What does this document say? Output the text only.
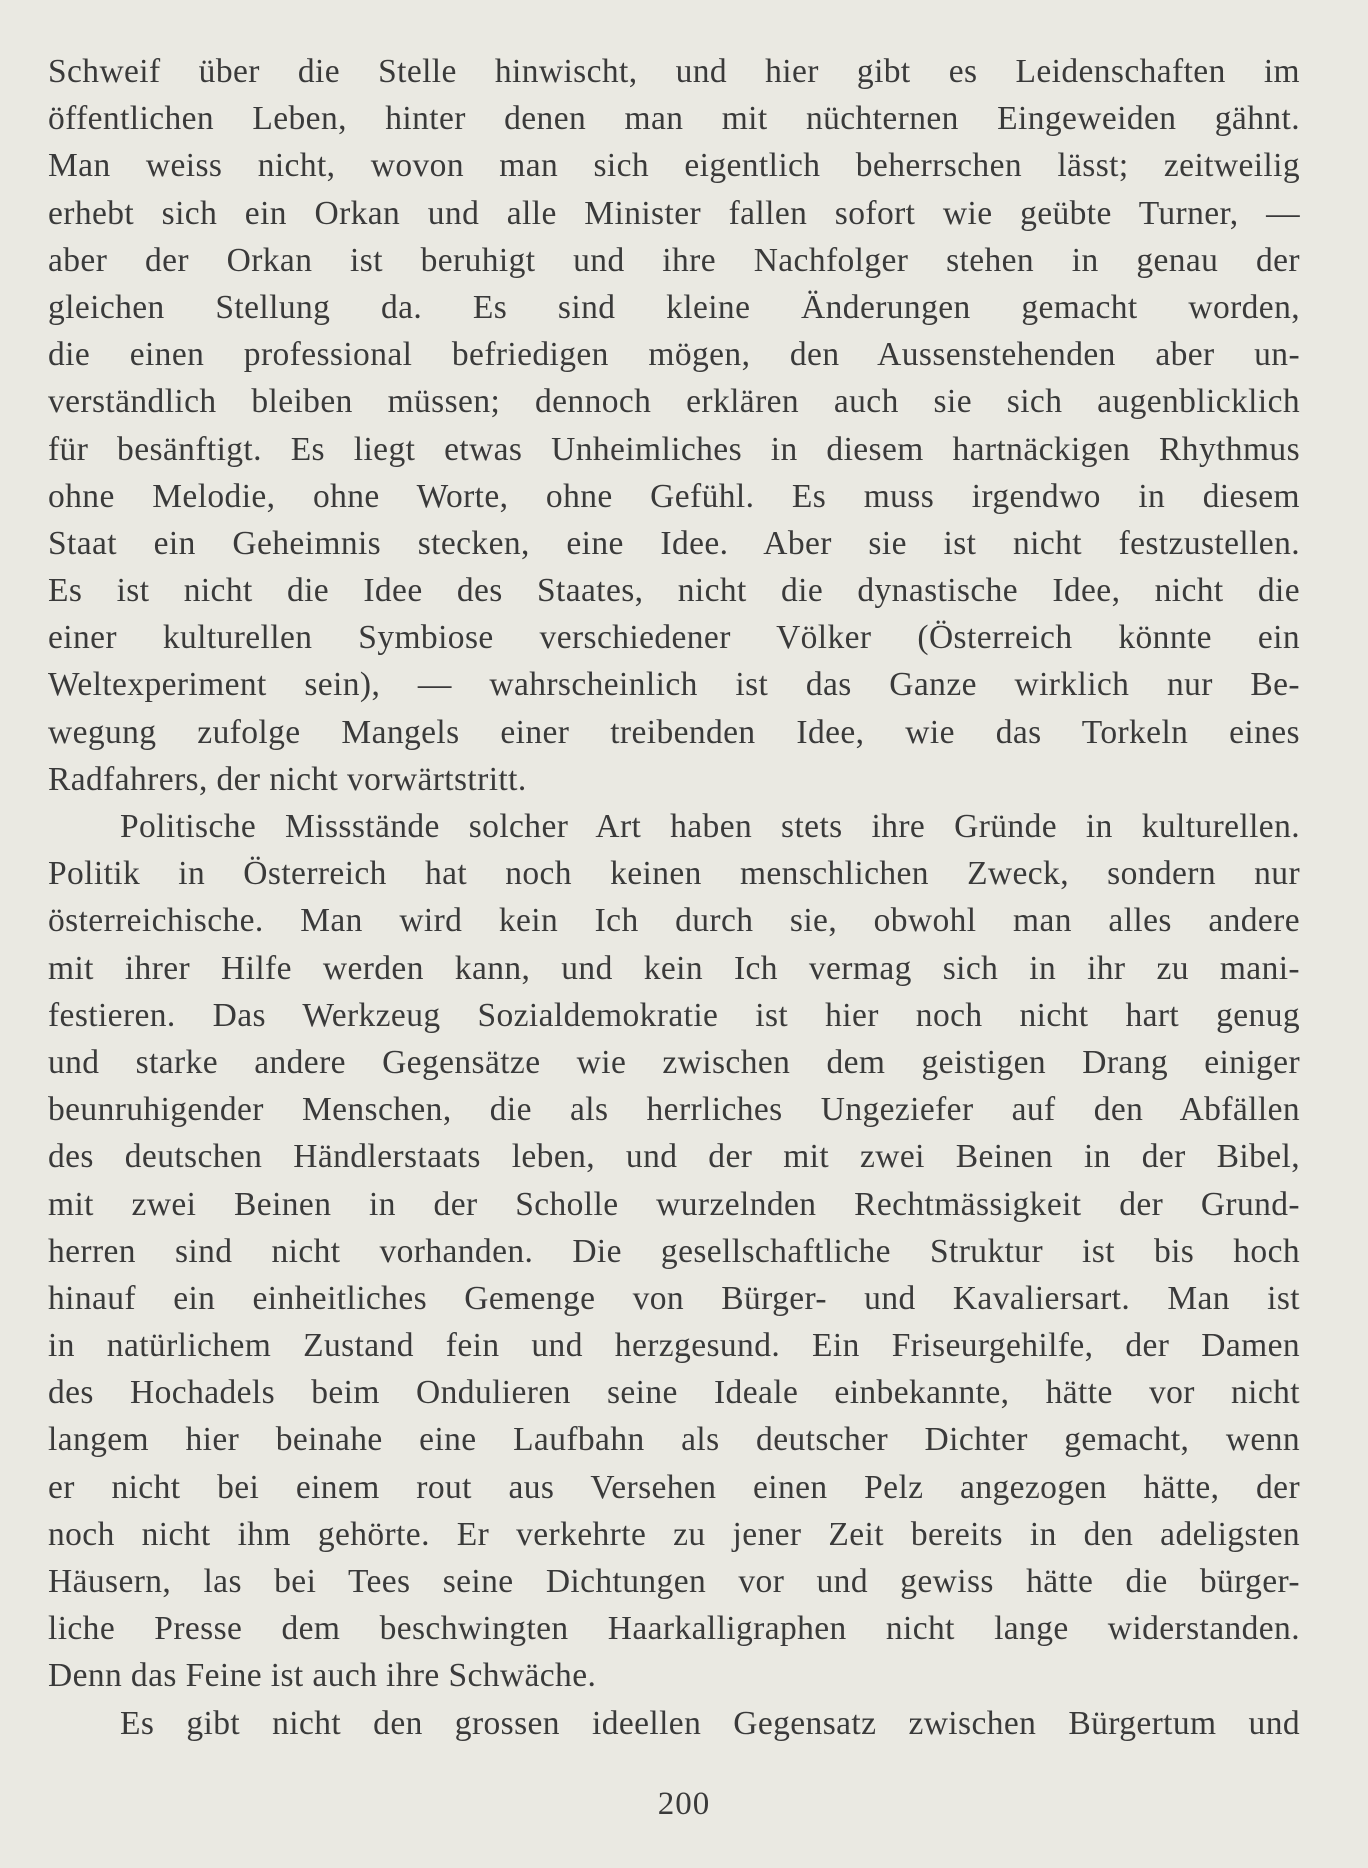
Schweif über die Stelle hinwischt, und hier gibt es Leidenschaften im
öffentlichen Leben, hinter denen man mit nüchternen Eingeweiden gähnt.
Man weiss nicht, wovon man sich eigentlich beherrschen lässt; zeitweilig
erhebt sich ein Orkan und alle Minister fallen sofort wie geübte Turner, —
aber der Orkan ist beruhigt und ihre Nachfolger stehen in genau der
gleichen Stellung da. Es sind kleine Änderungen gemacht worden,
die einen professional befriedigen mögen, den Aussenstehenden aber un-
verständlich bleiben müssen; dennoch erklären auch sie sich augenblicklich
für besänftigt. Es liegt etwas Unheimliches in diesem hartnäckigen Rhythmus
ohne Melodie, ohne Worte, ohne Gefühl. Es muss irgendwo in diesem
Staat ein Geheimnis stecken, eine Idee. Aber sie ist nicht festzustellen.
Es ist nicht die Idee des Staates, nicht die dynastische Idee, nicht die
einer kulturellen Symbiose verschiedener Völker (Österreich könnte ein
Weltexperiment sein), — wahrscheinlich ist das Ganze wirklich nur Be-
wegung zufolge Mangels einer treibenden Idee, wie das Torkeln eines
Radfahrers, der nicht vorwärtstritt.
Politische Missstände solcher Art haben stets ihre Gründe in kulturellen.
Politik in Österreich hat noch keinen menschlichen Zweck, sondern nur
österreichische. Man wird kein Ich durch sie, obwohl man alles andere
mit ihrer Hilfe werden kann, und kein Ich vermag sich in ihr zu mani-
festieren. Das Werkzeug Sozialdemokratie ist hier noch nicht hart genug
und starke andere Gegensätze wie zwischen dem geistigen Drang einiger
beunruhigender Menschen, die als herrliches Ungeziefer auf den Abfällen
des deutschen Händlerstaats leben, und der mit zwei Beinen in der Bibel,
mit zwei Beinen in der Scholle wurzelnden Rechtmässigkeit der Grund-
herren sind nicht vorhanden. Die gesellschaftliche Struktur ist bis hoch
hinauf ein einheitliches Gemenge von Bürger- und Kavaliersart. Man ist
in natürlichem Zustand fein und herzgesund. Ein Friseurgehilfe, der Damen
des Hochadels beim Ondulieren seine Ideale einbekannte, hätte vor nicht
langem hier beinahe eine Laufbahn als deutscher Dichter gemacht, wenn
er nicht bei einem rout aus Versehen einen Pelz angezogen hätte, der
noch nicht ihm gehörte. Er verkehrte zu jener Zeit bereits in den adeligsten
Häusern, las bei Tees seine Dichtungen vor und gewiss hätte die bürger-
liche Presse dem beschwingten Haarkalligraphen nicht lange widerstanden.
Denn das Feine ist auch ihre Schwäche.
Es gibt nicht den grossen ideellen Gegensatz zwischen Bürgertum und
200
